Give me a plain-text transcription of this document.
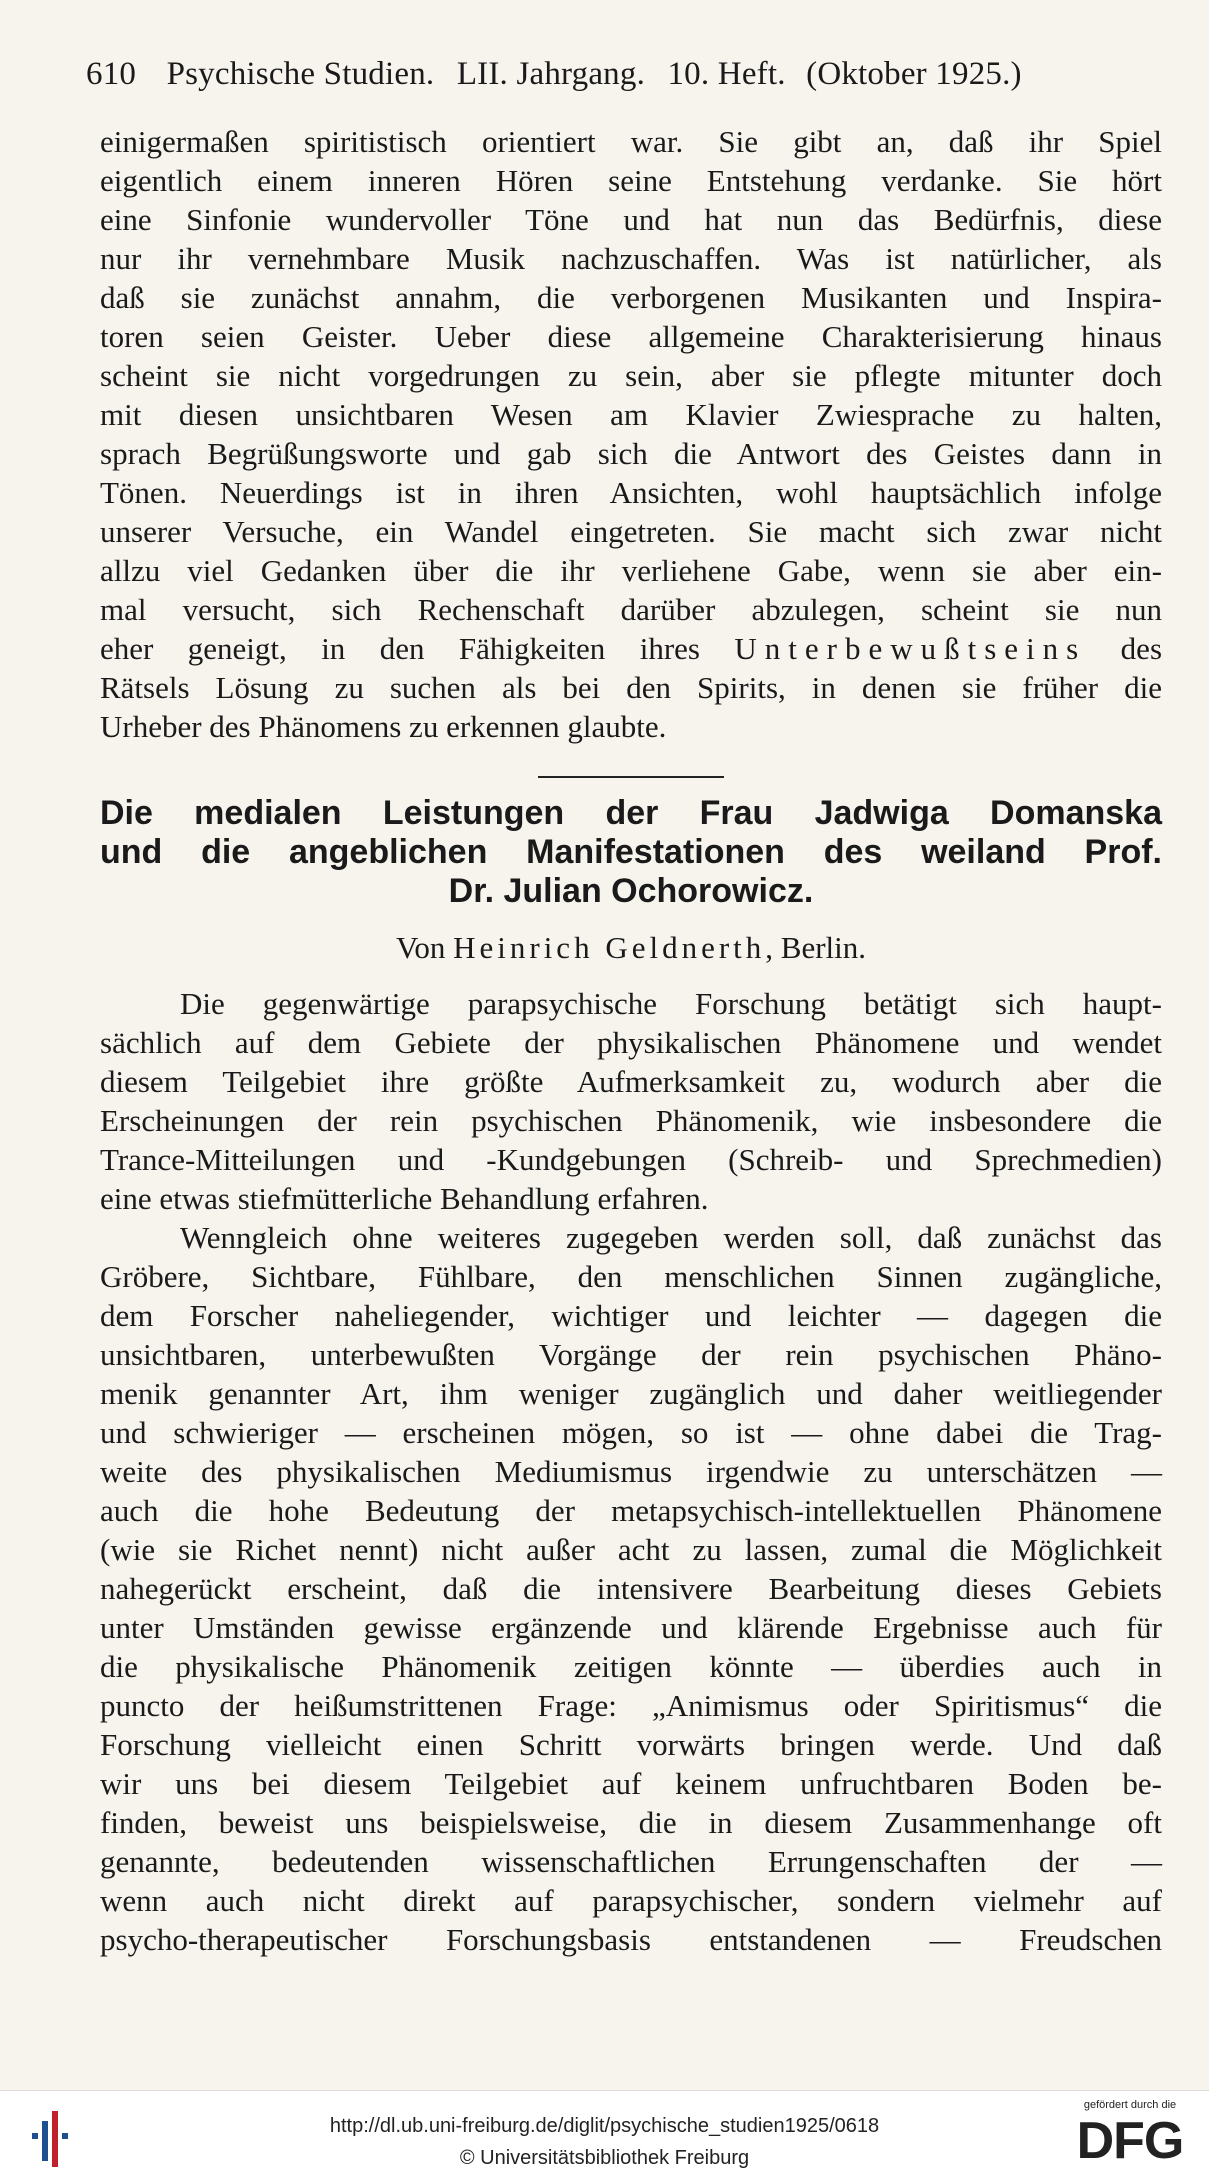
610 Psychische Studien. LII. Jahrgang. 10. Heft. (Oktober 1925.)
einigermaßen spiritistisch orientiert war. Sie gibt an, daß ihr Spiel
eigentlich einem inneren Hören seine Entstehung verdanke. Sie hört
eine Sinfonie wundervoller Töne und hat nun das Bedürfnis, diese
nur ihr vernehmbare Musik nachzuschaffen. Was ist natürlicher, als
daß sie zunächst annahm, die verborgenen Musikanten und Inspira-
toren seien Geister. Ueber diese allgemeine Charakterisierung hinaus
scheint sie nicht vorgedrungen zu sein, aber sie pflegte mitunter doch
mit diesen unsichtbaren Wesen am Klavier Zwiesprache zu halten,
sprach Begrüßungsworte und gab sich die Antwort des Geistes dann in
Tönen. Neuerdings ist in ihren Ansichten, wohl hauptsächlich infolge
unserer Versuche, ein Wandel eingetreten. Sie macht sich zwar nicht
allzu viel Gedanken über die ihr verliehene Gabe, wenn sie aber ein-
mal versucht, sich Rechenschaft darüber abzulegen, scheint sie nun
eher geneigt, in den Fähigkeiten ihres Unterbewußtseins des
Rätsels Lösung zu suchen als bei den Spirits, in denen sie früher die
Urheber des Phänomens zu erkennen glaubte.
Die medialen Leistungen der Frau Jadwiga Domanska
und die angeblichen Manifestationen des weiland Prof.
Dr. Julian Ochorowicz.
Von Heinrich Geldnerth, Berlin.

Die gegenwärtige parapsychische Forschung betätigt sich haupt-
sächlich auf dem Gebiete der physikalischen Phänomene und wendet
diesem Teilgebiet ihre größte Aufmerksamkeit zu, wodurch aber die
Erscheinungen der rein psychischen Phänomenik, wie insbesondere die
Trance-Mitteilungen und -Kundgebungen (Schreib- und Sprechmedien)
eine etwas stiefmütterliche Behandlung erfahren.

Wenngleich ohne weiteres zugegeben werden soll, daß zunächst das
Gröbere, Sichtbare, Fühlbare, den menschlichen Sinnen zugängliche,
dem Forscher naheliegender, wichtiger und leichter — dagegen die
unsichtbaren, unterbewußten Vorgänge der rein psychischen Phäno-
menik genannter Art, ihm weniger zugänglich und daher weitliegender
und schwieriger — erscheinen mögen, so ist — ohne dabei die Trag-
weite des physikalischen Mediumismus irgendwie zu unterschätzen —
auch die hohe Bedeutung der metapsychisch-intellektuellen Phänomene
(wie sie Richet nennt) nicht außer acht zu lassen, zumal die Möglichkeit
nahegerückt erscheint, daß die intensivere Bearbeitung dieses Gebiets
unter Umständen gewisse ergänzende und klärende Ergebnisse auch für
die physikalische Phänomenik zeitigen könnte — überdies auch in
puncto der heißumstrittenen Frage: „Animismus oder Spiritismus“ die
Forschung vielleicht einen Schritt vorwärts bringen werde. Und daß
wir uns bei diesem Teilgebiet auf keinem unfruchtbaren Boden be-
finden, beweist uns beispielsweise, die in diesem Zusammenhange oft
genannte, bedeutenden wissenschaftlichen Errungenschaften der —
wenn auch nicht direkt auf parapsychischer, sondern vielmehr auf
psycho-therapeutischer Forschungsbasis entstandenen — Freudschen

http://dl.ub.uni-freiburg.de/diglit/psychische_studien1925/0618
© Universitätsbibliothek Freiburg
gefördert durch die
DFG
